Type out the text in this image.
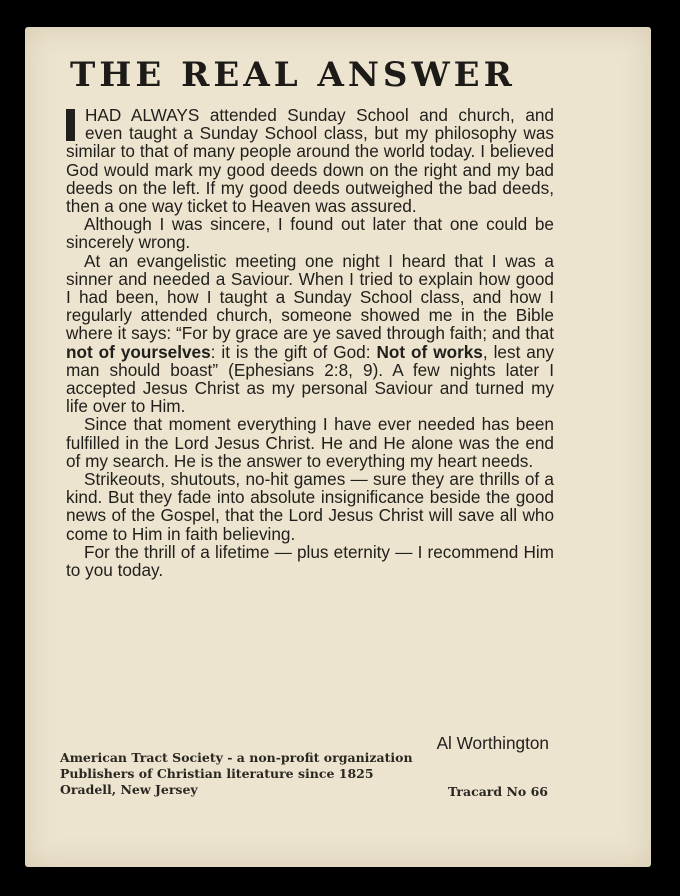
THE REAL ANSWER

HAD ALWAYS attended Sunday School and church, and even taught a Sunday School class, but my philosophy was similar to that of many people around the world today. I believed God would mark my good deeds down on the right and my bad deeds on the left. If my good deeds outweighed the bad deeds, then a one way ticket to Heaven was assured.

Although I was sincere, I found out later that one could be sincerely wrong.

At an evangelistic meeting one night I heard that I was a sinner and needed a Saviour. When I tried to explain how good I had been, how I taught a Sunday School class, and how I regularly attended church, someone showed me in the Bible where it says: “For by grace are ye saved through faith; and that not of yourselves: it is the gift of God: Not of works, lest any man should boast” (Ephesians 2:8, 9). A few nights later I accepted Jesus Christ as my personal Saviour and turned my life over to Him.

Since that moment everything I have ever needed has been fulfilled in the Lord Jesus Christ. He and He alone was the end of my search. He is the answer to everything my heart needs.

Strikeouts, shutouts, no-hit games — sure they are thrills of a kind. But they fade into absolute insignificance beside the good news of the Gospel, that the Lord Jesus Christ will save all who come to Him in faith believing.

For the thrill of a lifetime — plus eternity — I recommend Him to you today.

Al Worthington
American Tract Society - a non-profit organization
Publishers of Christian literature since 1825
Oradell, New Jersey	Tracard No 66
